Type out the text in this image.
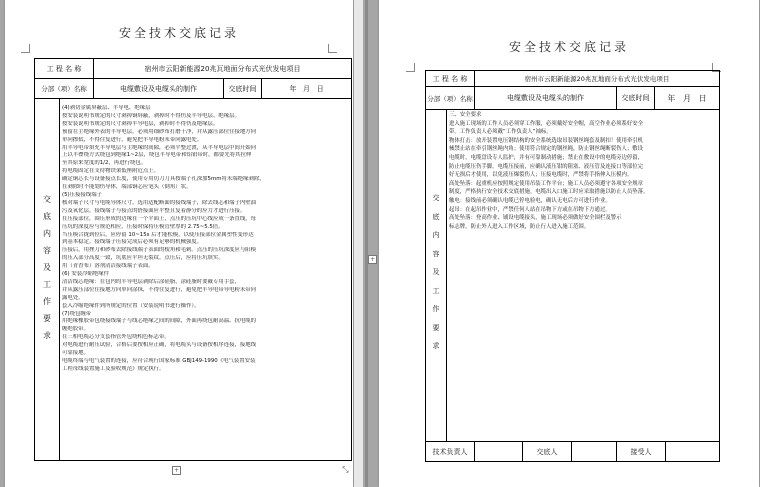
安全技术交底记录
工 程 名 称	宿州市云阳新能源20兆瓦地面分布式光伏发电项目
分部（项）名称	电缆敷设及电缆头的制作	交底时间	年   月   日
交
底
内
容
及
工
作
要
求
(4)剥切金属屏蔽层、半导电、绝缘层
按安装说明书规定的尺寸剥掉铜屏蔽，剥掉时不得伤及半导电层、绝缘层。
按安装说明书规定的尺寸剥掉半导电层，剥掉时不得伤及绝缘层。
预留在主绝缘外表的半导电层，必须用细砂布打磨干净，并从露压部位往接地方向
单向擦拭，不得往复进行，避免把半导电粉末带向露电处。
用半导电带填充半导电层与主绝缘的间隙，必须平整过渡，从半导电层中间开始向
上以半叠绕方式绕包到绝缘1~2层，绕包半导电带和铝铂带时，都要先将其拉伸
至其原来宽度的1/2，再进行绕包。
将电缆固定在支持物铁架低座附近点上。
确定铜芯长与设备接点长度，使用专用切刀刀具按端子孔深加5mm将末端绝缘剥除，
在剥除时不能划伤导体，端部铜芯应笔头（倒角）状。
(5)压接接线端子
核对端子尺寸与电缆导体尺寸，选用适配断面的接线端子，除去线芯和端子内壁油
污及氧化层。接线端子与接点的搭接面应平整且复着静分的应力才进行压接。
在压接部位，围压形成的边缘在一个平面上，点压的压坑中心线应成一条直线，每
压坑的深度应与规范相应，压接时保持压模管壁厚的 2.75~5.5倍。
当压模合拢到位后，应停留 10~15s 后才能松模，以使压接部位金属塑性变形达
到基本稳定。接线端子压接完成后必须有足够的机械强度。
压接后，用挫刀和砂布去除接线端子表面的棱角和毛刺。点压的压坑深度应与阳模
的压入部分高度一致，坑底应平坦无裂纹。点压后，应将压坑填实。
用（青香布）溶剂清洁接线端子表面。
(6) 安装冷缩绝缘件
清洁线芯绝缘：在包内的半导电层剥除后涂硅脂，涂硅脂时要戴专用手套，
并从露压部位往接地方向单向涂抹，不得往复进行，避免把半导电带导电粉末带向
露电处。
套入冷缩绝缘件到所规定的位置（安装说明书进行操作）。
(7)绕包缠带
用绝缘橡胶带包绕接线端子与线芯绝缘之间的间隙，外面再绕包耐高温、抗电缆的
缠绝胶带。
在三相电缆芯分支套指管外包绕相色标志带。
对电缆进行耐压试验，合格后要按相应正确，将电缆头与设备按相序连接，接地线
可靠接地。
电缆终端与电气装置的连接，应符合现行国家标准 GBJ149-1990《电气装置安装
工程母线装置施工及验收规范》规定执行。
+	⤡
+
安全技术交底记录
工 程 名 称	宿州市云阳新能源20兆瓦地面分布式光伏发电项目
分部（项）名称	电缆敷设及电缆头的制作	交底时间	年   月   日
交
底
内
容
及
工
作
要
求
三、安全要求
进入施工现场的工作人员必须穿工作服，必须戴好安全帽，高空作业必须系好安全
带。工作负责人必须戴“工作负责人”袖标。
物体打击：放开装置电压钢结构的安全系统选取吊装钢丝绳套及制扣！使用牵引机
械禁止站在牵引钢丝绳内角；使用符合规定的钢丝绳，防止钢丝绳断裂伤人；敷设
电缆时，电缆盘设专人监护，并有可靠制动措施；禁止在敷设中的电缆旁边停留，
防止电缆压伤手脚。电缆压接前，应确认液压钳的阻塞、液压管及连接口等部位完
好无损后才使用，以免液压爆裂伤人；压接电缆时，严禁将手指伸入压模内。
高处坠落：起重机应按照规定使用吊装工作平台；施工人员必须遵守各项安全规章
制度，严格执行安全技术交底措施。电缆出入口施工时应采取措施以防止人员坠落。
触电：接线前必须确认电缆已停电验电，确认无电后方可进行作业。
起吊：在起吊作业中，严禁任何人站在吊物下方或在吊物下方通过。
高处坠落：登高作业、铺设电缆接头，施工现场必须做好安全围栏及警示
标志牌，防止外人进入工作区域，防止行人进入施工范围。
技术负责人	交底人	接受人
